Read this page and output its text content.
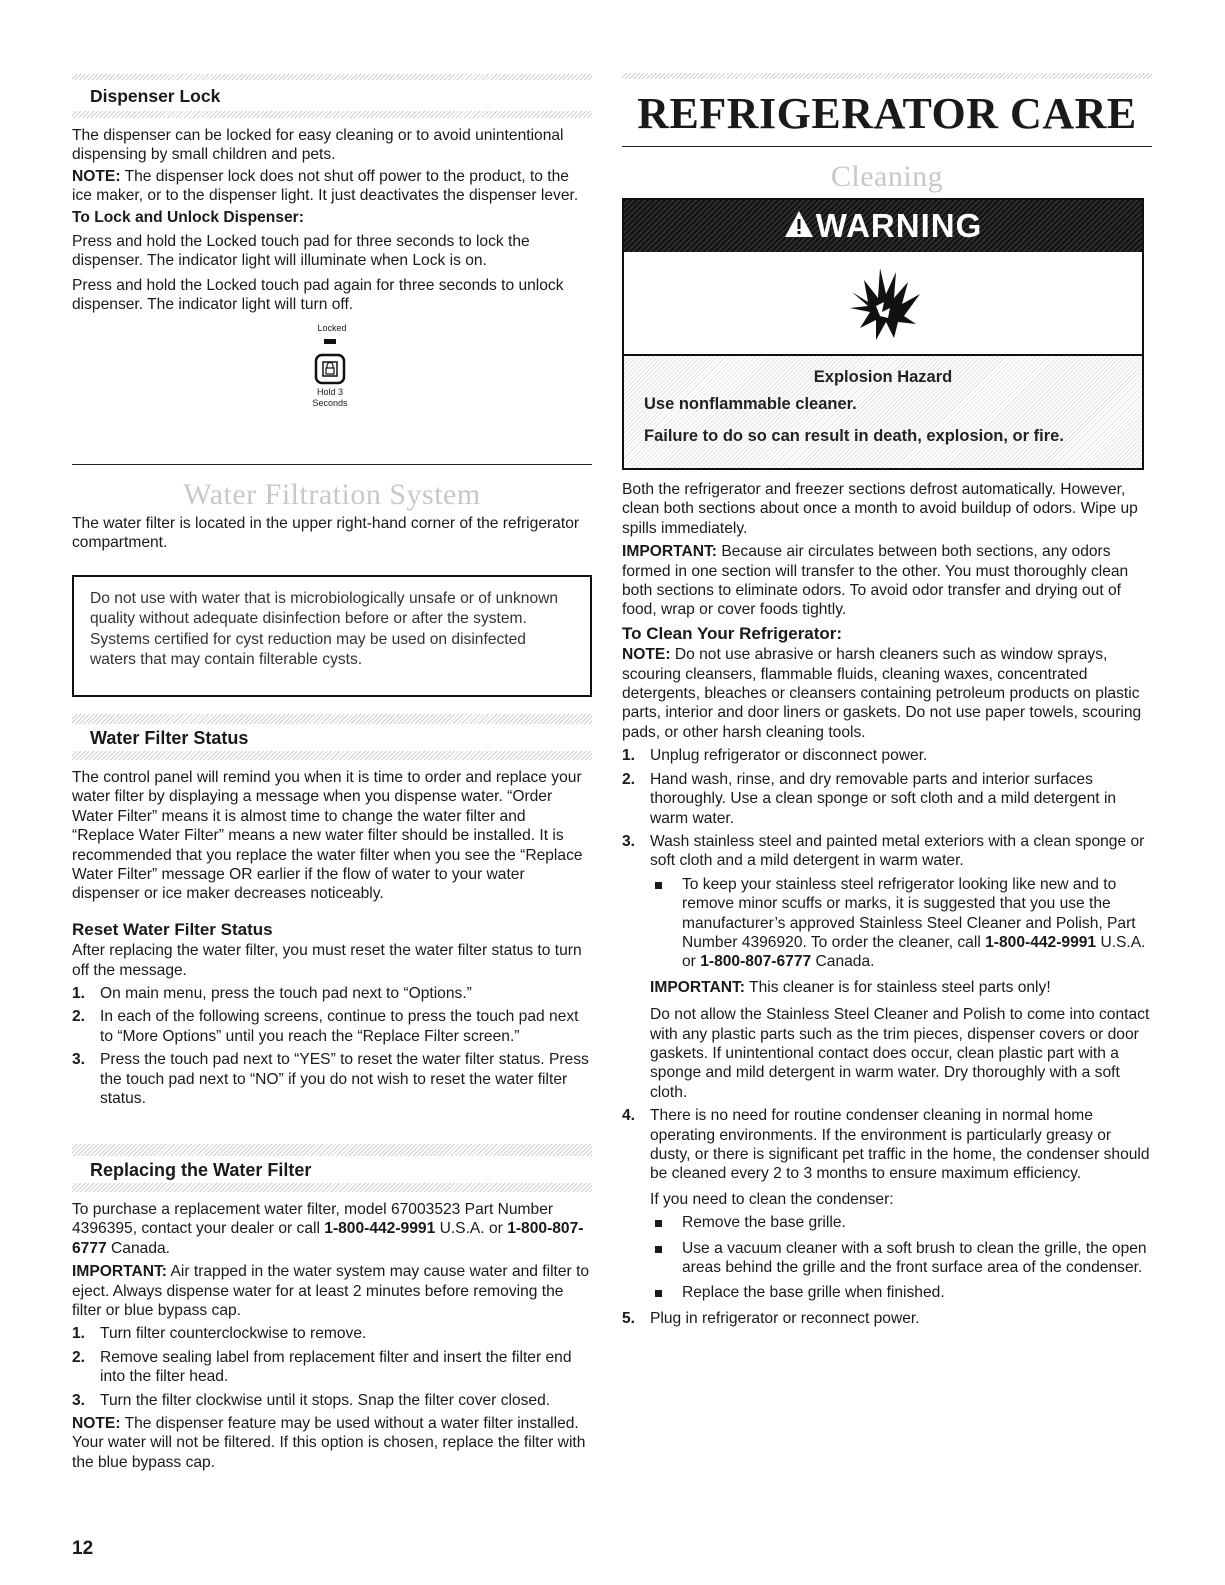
Dispenser Lock

The dispenser can be locked for easy cleaning or to avoid unintentional dispensing by small children and pets.

NOTE: The dispenser lock does not shut off power to the product, to the ice maker, or to the dispenser light. It just deactivates the dispenser lever.

To Lock and Unlock Dispenser:

Press and hold the Locked touch pad for three seconds to lock the dispenser. The indicator light will illuminate when Lock is on.

Press and hold the Locked touch pad again for three seconds to unlock dispenser. The indicator light will turn off.

Locked
Hold 3
Seconds
Water Filtration System

The water filter is located in the upper right-hand corner of the refrigerator compartment.

Do not use with water that is microbiologically unsafe or of unknown quality without adequate disinfection before or after the system. Systems certified for cyst reduction may be used on disinfected waters that may contain filterable cysts.

Water Filter Status

The control panel will remind you when it is time to order and replace your water filter by displaying a message when you dispense water. “Order Water Filter” means it is almost time to change the water filter and “Replace Water Filter” means a new water filter should be installed. It is recommended that you replace the water filter when you see the “Replace Water Filter” message OR earlier if the flow of water to your water dispenser or ice maker decreases noticeably.

Reset Water Filter Status

After replacing the water filter, you must reset the water filter status to turn off the message.

1. On main menu, press the touch pad next to “Options.”
2. In each of the following screens, continue to press the touch pad next to “More Options” until you reach the “Replace Filter screen.”
3. Press the touch pad next to “YES” to reset the water filter status. Press the touch pad next to “NO” if you do not wish to reset the water filter status.
Replacing the Water Filter

To purchase a replacement water filter, model 67003523 Part Number 4396395, contact your dealer or call 1-800-442-9991 U.S.A. or 1-800-807-6777 Canada.

IMPORTANT: Air trapped in the water system may cause water and filter to eject. Always dispense water for at least 2 minutes before removing the filter or blue bypass cap.

1. Turn filter counterclockwise to remove.
2. Remove sealing label from replacement filter and insert the filter end into the filter head.
3. Turn the filter clockwise until it stops. Snap the filter cover closed.

NOTE: The dispenser feature may be used without a water filter installed. Your water will not be filtered. If this option is chosen, replace the filter with the blue bypass cap.

12
REFRIGERATOR CARE
Cleaning
WARNING

Explosion Hazard

Use nonflammable cleaner.

Failure to do so can result in death, explosion, or fire.

Both the refrigerator and freezer sections defrost automatically. However, clean both sections about once a month to avoid buildup of odors. Wipe up spills immediately.

IMPORTANT: Because air circulates between both sections, any odors formed in one section will transfer to the other. You must thoroughly clean both sections to eliminate odors. To avoid odor transfer and drying out of food, wrap or cover foods tightly.

To Clean Your Refrigerator:

NOTE: Do not use abrasive or harsh cleaners such as window sprays, scouring cleansers, flammable fluids, cleaning waxes, concentrated detergents, bleaches or cleansers containing petroleum products on plastic parts, interior and door liners or gaskets. Do not use paper towels, scouring pads, or other harsh cleaning tools.

1. Unplug refrigerator or disconnect power.
2. Hand wash, rinse, and dry removable parts and interior surfaces thoroughly. Use a clean sponge or soft cloth and a mild detergent in warm water.
3. Wash stainless steel and painted metal exteriors with a clean sponge or soft cloth and a mild detergent in warm water.
To keep your stainless steel refrigerator looking like new and to remove minor scuffs or marks, it is suggested that you use the manufacturer’s approved Stainless Steel Cleaner and Polish, Part Number 4396920. To order the cleaner, call 1-800-442-9991 U.S.A. or 1-800-807-6777 Canada.

IMPORTANT: This cleaner is for stainless steel parts only!

Do not allow the Stainless Steel Cleaner and Polish to come into contact with any plastic parts such as the trim pieces, dispenser covers or door gaskets. If unintentional contact does occur, clean plastic part with a sponge and mild detergent in warm water. Dry thoroughly with a soft cloth.

4. There is no need for routine condenser cleaning in normal home operating environments. If the environment is particularly greasy or dusty, or there is significant pet traffic in the home, the condenser should be cleaned every 2 to 3 months to ensure maximum efficiency.

If you need to clean the condenser:

Remove the base grille.
Use a vacuum cleaner with a soft brush to clean the grille, the open areas behind the grille and the front surface area of the condenser.
Replace the base grille when finished.
5. Plug in refrigerator or reconnect power.
